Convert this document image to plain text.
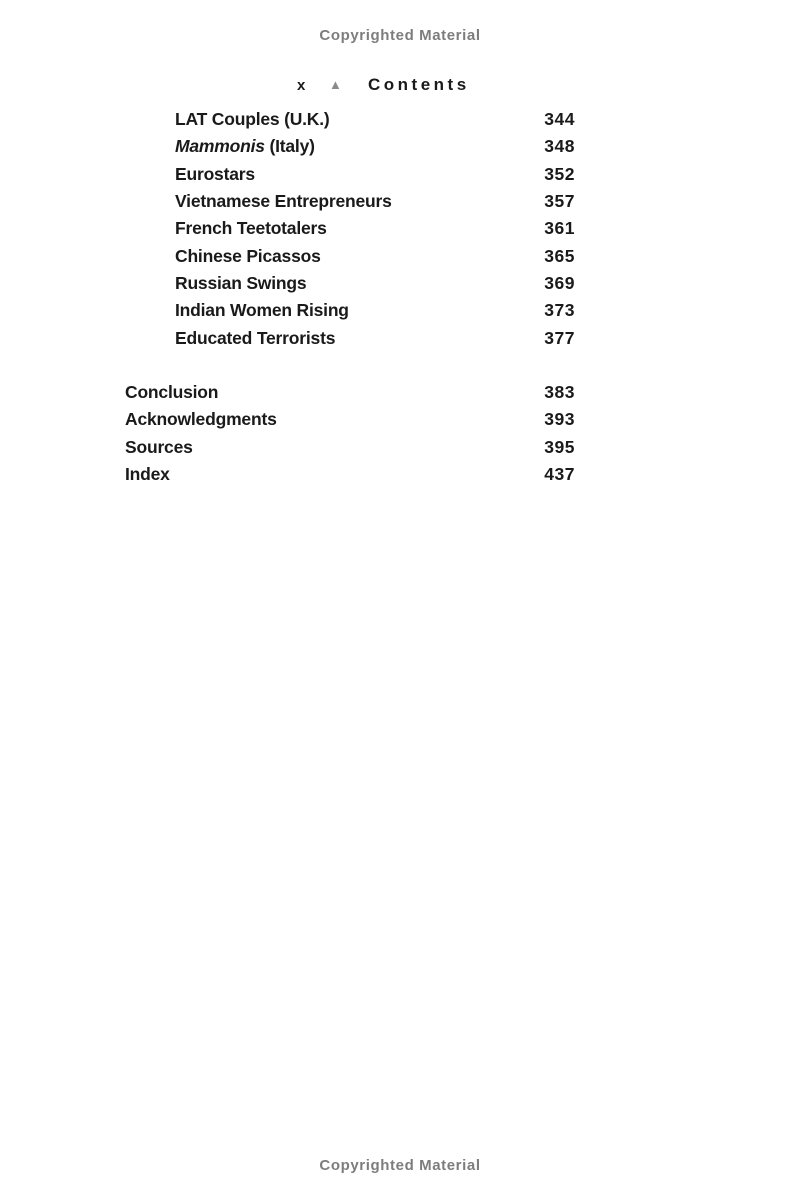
Copyrighted Material
x ▲ Contents
LAT Couples (U.K.)	344
Mammonis (Italy)	348
Eurostars	352
Vietnamese Entrepreneurs	357
French Teetotalers	361
Chinese Picassos	365
Russian Swings	369
Indian Women Rising	373
Educated Terrorists	377
Conclusion	383
Acknowledgments	393
Sources	395
Index	437
Copyrighted Material
